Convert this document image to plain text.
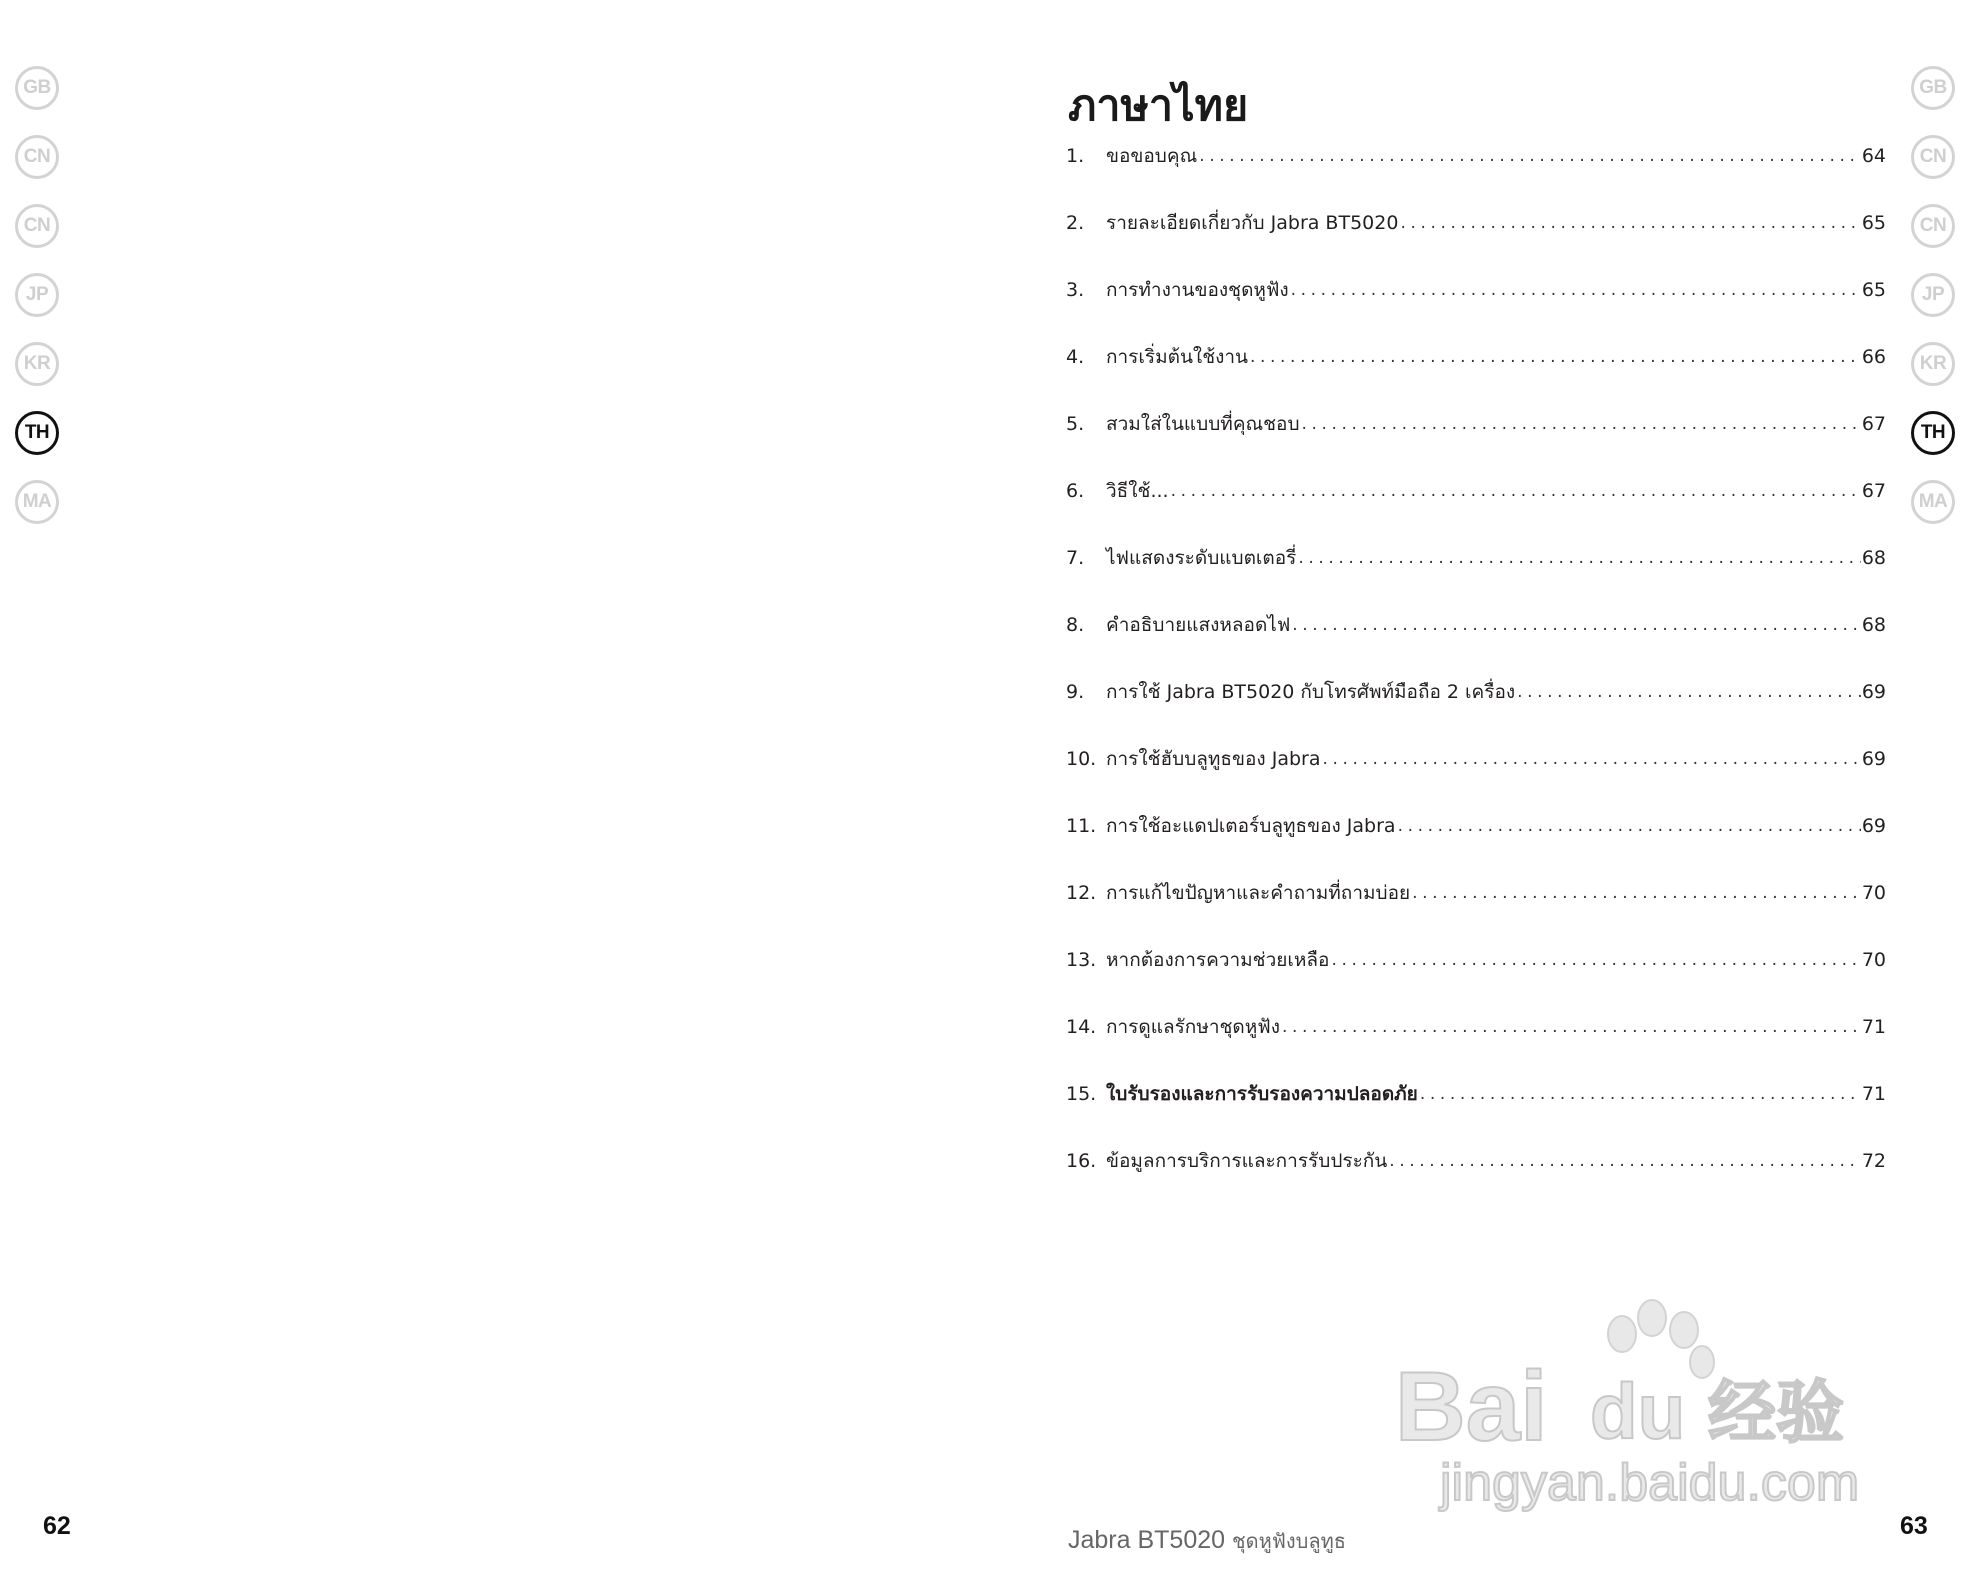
GB
CN
CN
JP
KR
TH
MA
GB
CN
CN
JP
KR
TH
MA
ภาษาไทย
1.	ขอขอบคุณ .....	64
2.	รายละเอียดเกี่ยวกับ Jabra BT5020 .....	65
3.	การทำงานของชุดหูฟัง .....	65
4.	การเริ่มต้นใช้งาน .....	66
5.	สวมใส่ในแบบที่คุณชอบ .....	67
6.	วิธีใช้... .....	67
7.	ไฟแสดงระดับแบตเตอรี่ .....	68
8.	คำอธิบายแสงหลอดไฟ .....	68
9.	การใช้ Jabra BT5020 กับโทรศัพท์มือถือ 2 เครื่อง .....	69
10. การใช้ฮับบลูทูธของ Jabra .....	69
11. การใช้อะแดปเตอร์บลูทูธของ Jabra .....	69
12. การแก้ไขปัญหาและคำถามที่ถามบ่อย .....	70
13. หากต้องการความช่วยเหลือ .....	70
14. การดูแลรักษาชุดหูฟัง .....	71
15. ใบรับรองและการรับรองความปลอดภัย .....	71
16. ข้อมูลการบริการและการรับประกัน .....	72
62	63
Jabra BT5020 ชุดหูฟังบลูทูธ
Bai du 经验
jingyan.baidu.com
